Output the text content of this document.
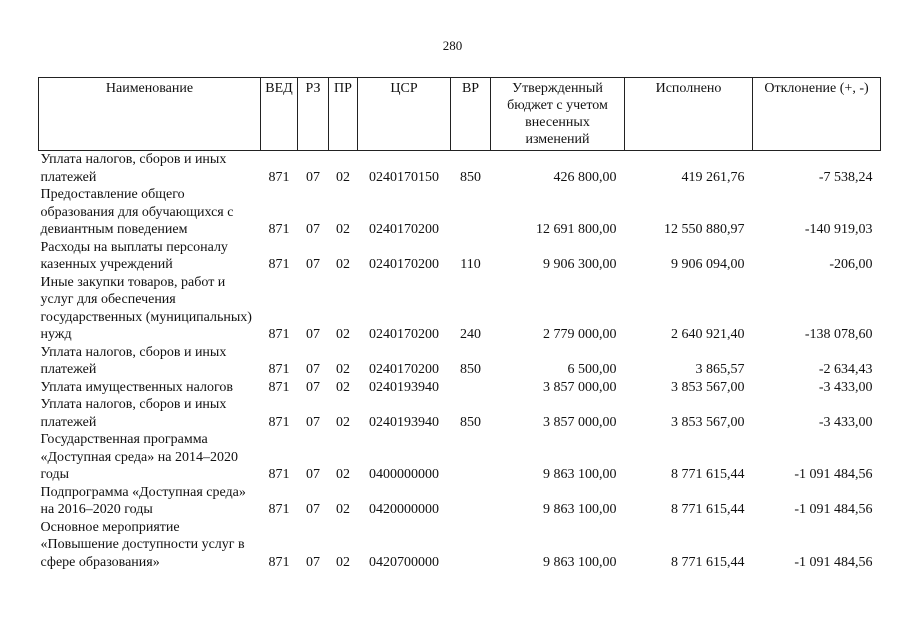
280
Наименование	ВЕД	РЗ	ПР	ЦСР	ВР	Утвержденный бюджет с учетом внесенных изменений	Исполнено	Отклонение (+, -)
Уплата налогов, сборов и иных платежей	871	07	02	0240170150	850	426 800,00	419 261,76	-7 538,24
Предоставление общего образования для обучающихся с девиантным поведением	871	07	02	0240170200		12 691 800,00	12 550 880,97	-140 919,03
Расходы на выплаты персоналу казенных учреждений	871	07	02	0240170200	110	9 906 300,00	9 906 094,00	-206,00
Иные закупки товаров, работ и услуг для обеспечения государственных (муниципальных) нужд	871	07	02	0240170200	240	2 779 000,00	2 640 921,40	-138 078,60
Уплата налогов, сборов и иных платежей	871	07	02	0240170200	850	6 500,00	3 865,57	-2 634,43
Уплата имущественных налогов	871	07	02	0240193940		3 857 000,00	3 853 567,00	-3 433,00
Уплата налогов, сборов и иных платежей	871	07	02	0240193940	850	3 857 000,00	3 853 567,00	-3 433,00
Государственная программа «Доступная среда» на 2014–2020 годы	871	07	02	0400000000		9 863 100,00	8 771 615,44	-1 091 484,56
Подпрограмма «Доступная среда» на 2016–2020 годы	871	07	02	0420000000		9 863 100,00	8 771 615,44	-1 091 484,56
Основное мероприятие «Повышение доступности услуг в сфере образования»	871	07	02	0420700000		9 863 100,00	8 771 615,44	-1 091 484,56
